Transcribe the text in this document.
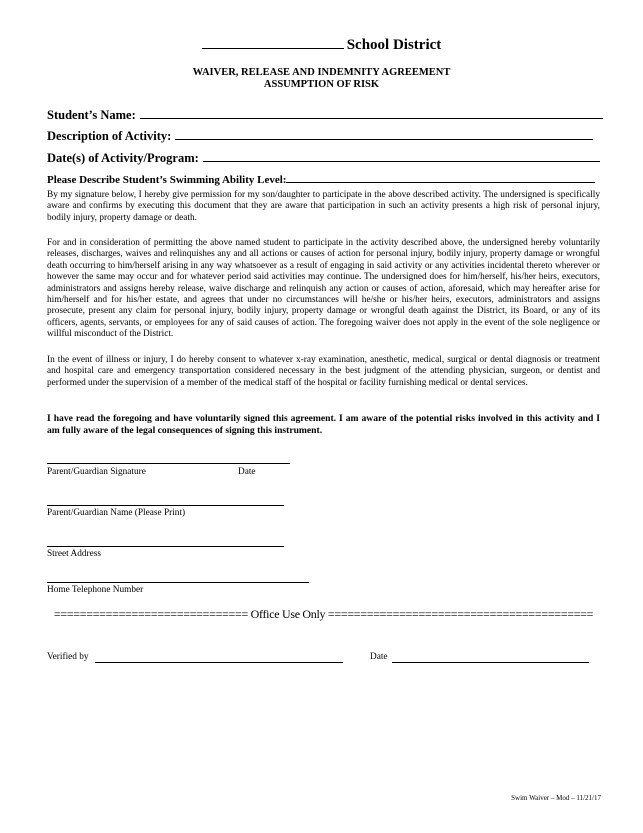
School District
WAIVER, RELEASE AND INDEMNITY AGREEMENT
ASSUMPTION OF RISK
Student’s Name:
Description of Activity:
Date(s) of Activity/Program:
Please Describe Student’s Swimming Ability Level:
By my signature below, I hereby give permission for my son/daughter to participate in the above described activity. The undersigned is specifically aware and confirms by executing this document that they are aware that participation in such an activity presents a high risk of personal injury, bodily injury, property damage or death.
For and in consideration of permitting the above named student to participate in the activity described above, the undersigned hereby voluntarily releases, discharges, waives and relinquishes any and all actions or causes of action for personal injury, bodily injury, property damage or wrongful death occurring to him/herself arising in any way whatsoever as a result of engaging in said activity or any activities incidental thereto wherever or however the same may occur and for whatever period said activities may continue. The undersigned does for him/herself, his/her heirs, executors, administrators and assigns hereby release, waive discharge and relinquish any action or causes of action, aforesaid, which may hereafter arise for him/herself and for his/her estate, and agrees that under no circumstances will he/she or his/her heirs, executors, administrators and assigns prosecute, present any claim for personal injury, bodily injury, property damage or wrongful death against the District, its Board, or any of its officers, agents, servants, or employees for any of said causes of action. The foregoing waiver does not apply in the event of the sole negligence or willful misconduct of the District.
In the event of illness or injury, I do hereby consent to whatever x-ray examination, anesthetic, medical, surgical or dental diagnosis or treatment and hospital care and emergency transportation considered necessary in the best judgment of the attending physician, surgeon, or dentist and performed under the supervision of a member of the medical staff of the hospital or facility furnishing medical or dental services.
I have read the foregoing and have voluntarily signed this agreement. I am aware of the potential risks involved in this activity and I am fully aware of the legal consequences of signing this instrument.
Parent/Guardian Signature	Date
Parent/Guardian Name (Please Print)
Street Address
Home Telephone Number
============================== Office Use Only =========================================
Verified by	Date
Swim Waiver – Mod – 11/21/17
